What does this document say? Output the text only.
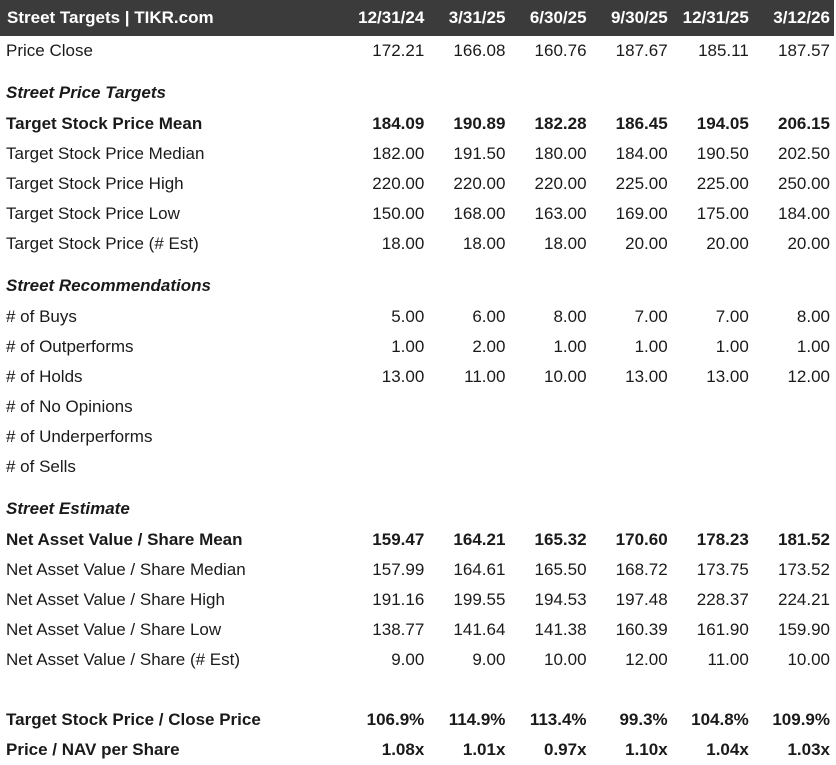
Street Targets | TIKR.com	12/31/24	3/31/25	6/30/25	9/30/25	12/31/25	3/12/26
Price Close	172.21	166.08	160.76	187.67	185.11	187.57
Street Price Targets						
Target Stock Price Mean	184.09	190.89	182.28	186.45	194.05	206.15
Target Stock Price Median	182.00	191.50	180.00	184.00	190.50	202.50
Target Stock Price High	220.00	220.00	220.00	225.00	225.00	250.00
Target Stock Price Low	150.00	168.00	163.00	169.00	175.00	184.00
Target Stock Price (# Est)	18.00	18.00	18.00	20.00	20.00	20.00
Street Recommendations						
# of Buys	5.00	6.00	8.00	7.00	7.00	8.00
# of Outperforms	1.00	2.00	1.00	1.00	1.00	1.00
# of Holds	13.00	11.00	10.00	13.00	13.00	12.00
# of No Opinions						
# of Underperforms						
# of Sells						
Street Estimate						
Net Asset Value / Share Mean	159.47	164.21	165.32	170.60	178.23	181.52
Net Asset Value / Share Median	157.99	164.61	165.50	168.72	173.75	173.52
Net Asset Value / Share High	191.16	199.55	194.53	197.48	228.37	224.21
Net Asset Value / Share Low	138.77	141.64	141.38	160.39	161.90	159.90
Net Asset Value / Share (# Est)	9.00	9.00	10.00	12.00	11.00	10.00

Target Stock Price / Close Price	106.9%	114.9%	113.4%	99.3%	104.8%	109.9%
Price / NAV per Share	1.08x	1.01x	0.97x	1.10x	1.04x	1.03x
